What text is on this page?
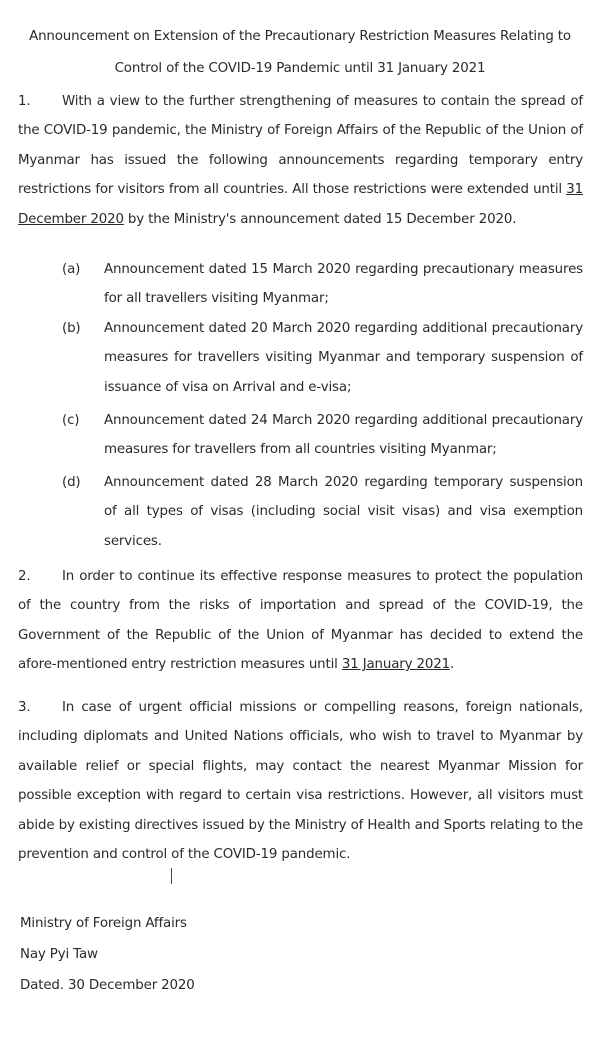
Announcement on Extension of the Precautionary Restriction Measures Relating to
Control of the COVID-19 Pandemic until 31 January 2021
1. With a view to the further strengthening of measures to contain the spread of the COVID-19 pandemic, the Ministry of Foreign Affairs of the Republic of the Union of Myanmar has issued the following announcements regarding temporary entry restrictions for visitors from all countries. All those restrictions were extended until 31 December 2020 by the Ministry's announcement dated 15 December 2020.
(a) Announcement dated 15 March 2020 regarding precautionary measures for all travellers visiting Myanmar;
(b) Announcement dated 20 March 2020 regarding additional precautionary measures for travellers visiting Myanmar and temporary suspension of issuance of visa on Arrival and e-visa;
(c) Announcement dated 24 March 2020 regarding additional precautionary measures for travellers from all countries visiting Myanmar;
(d) Announcement dated 28 March 2020 regarding temporary suspension of all types of visas (including social visit visas) and visa exemption services.
2. In order to continue its effective response measures to protect the population of the country from the risks of importation and spread of the COVID-19, the Government of the Republic of the Union of Myanmar has decided to extend the afore-mentioned entry restriction measures until 31 January 2021.
3. In case of urgent official missions or compelling reasons, foreign nationals, including diplomats and United Nations officials, who wish to travel to Myanmar by available relief or special flights, may contact the nearest Myanmar Mission for possible exception with regard to certain visa restrictions. However, all visitors must abide by existing directives issued by the Ministry of Health and Sports relating to the prevention and control of the COVID-19 pandemic.
Ministry of Foreign Affairs
Nay Pyi Taw
Dated. 30 December 2020
